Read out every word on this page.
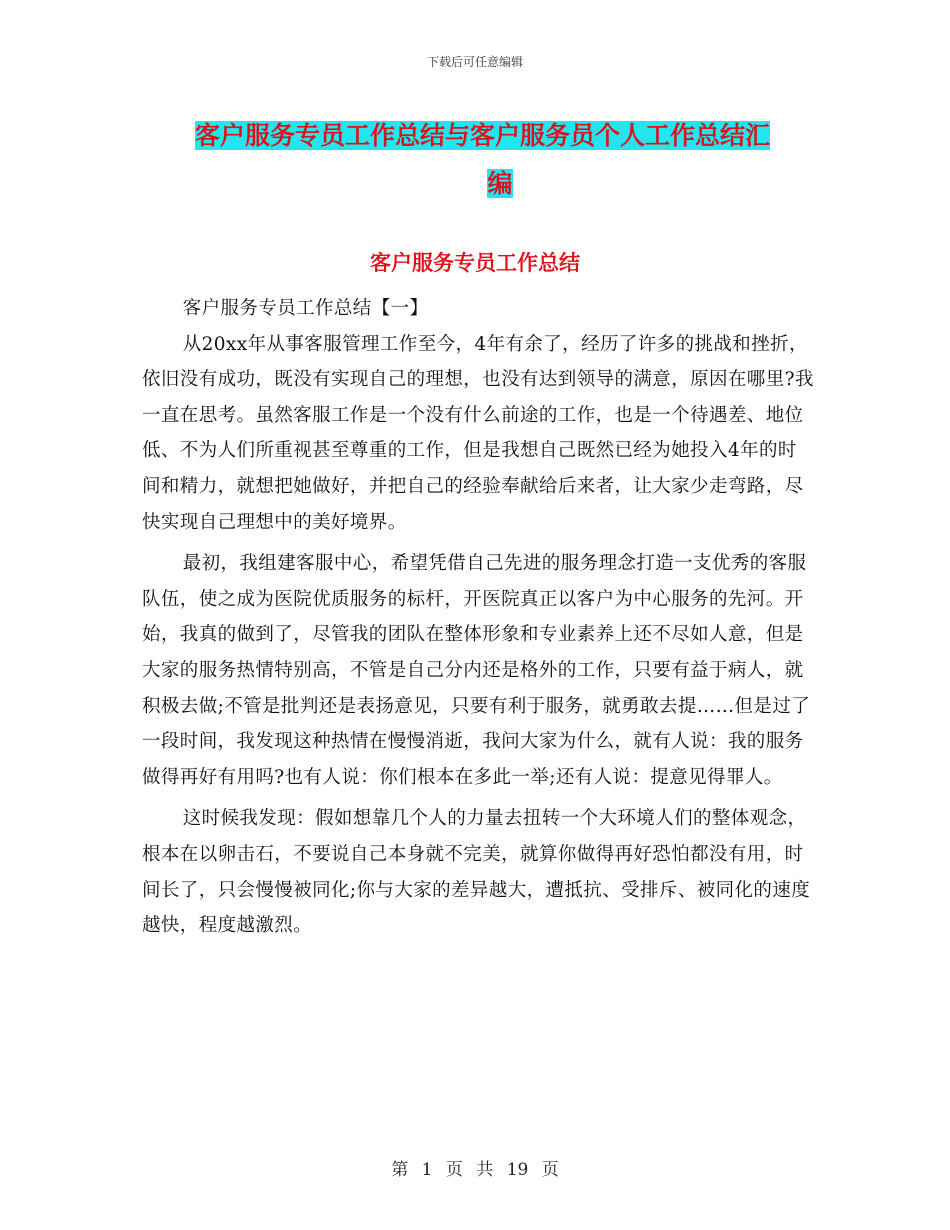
下载后可任意编辑
客户服务专员工作总结与客户服务员个人工作总结汇

编
客户服务专员工作总结

客户服务专员工作总结【一】

从20xx年从事客服管理工作至今，4年有余了，经历了许多的挑战和挫折，依旧没有成功，既没有实现自己的理想，也没有达到领导的满意，原因在哪里?我一直在思考。虽然客服工作是一个没有什么前途的工作，也是一个待遇差、地位低、不为人们所重视甚至尊重的工作，但是我想自己既然已经为她投入4年的时间和精力，就想把她做好，并把自己的经验奉献给后来者，让大家少走弯路，尽快实现自己理想中的美好境界。

最初，我组建客服中心，希望凭借自己先进的服务理念打造一支优秀的客服队伍，使之成为医院优质服务的标杆，开医院真正以客户为中心服务的先河。开始，我真的做到了，尽管我的团队在整体形象和专业素养上还不尽如人意，但是大家的服务热情特别高，不管是自己分内还是格外的工作，只要有益于病人，就积极去做;不管是批判还是表扬意见，只要有利于服务，就勇敢去提……但是过了一段时间，我发现这种热情在慢慢消逝，我问大家为什么，就有人说：我的服务做得再好有用吗?也有人说：你们根本在多此一举;还有人说：提意见得罪人。

这时候我发现：假如想靠几个人的力量去扭转一个大环境人们的整体观念，根本在以卵击石，不要说自己本身就不完美，就算你做得再好恐怕都没有用，时间长了，只会慢慢被同化;你与大家的差异越大，遭抵抗、受排斥、被同化的速度越快，程度越激烈。

第 1 页 共 19 页
